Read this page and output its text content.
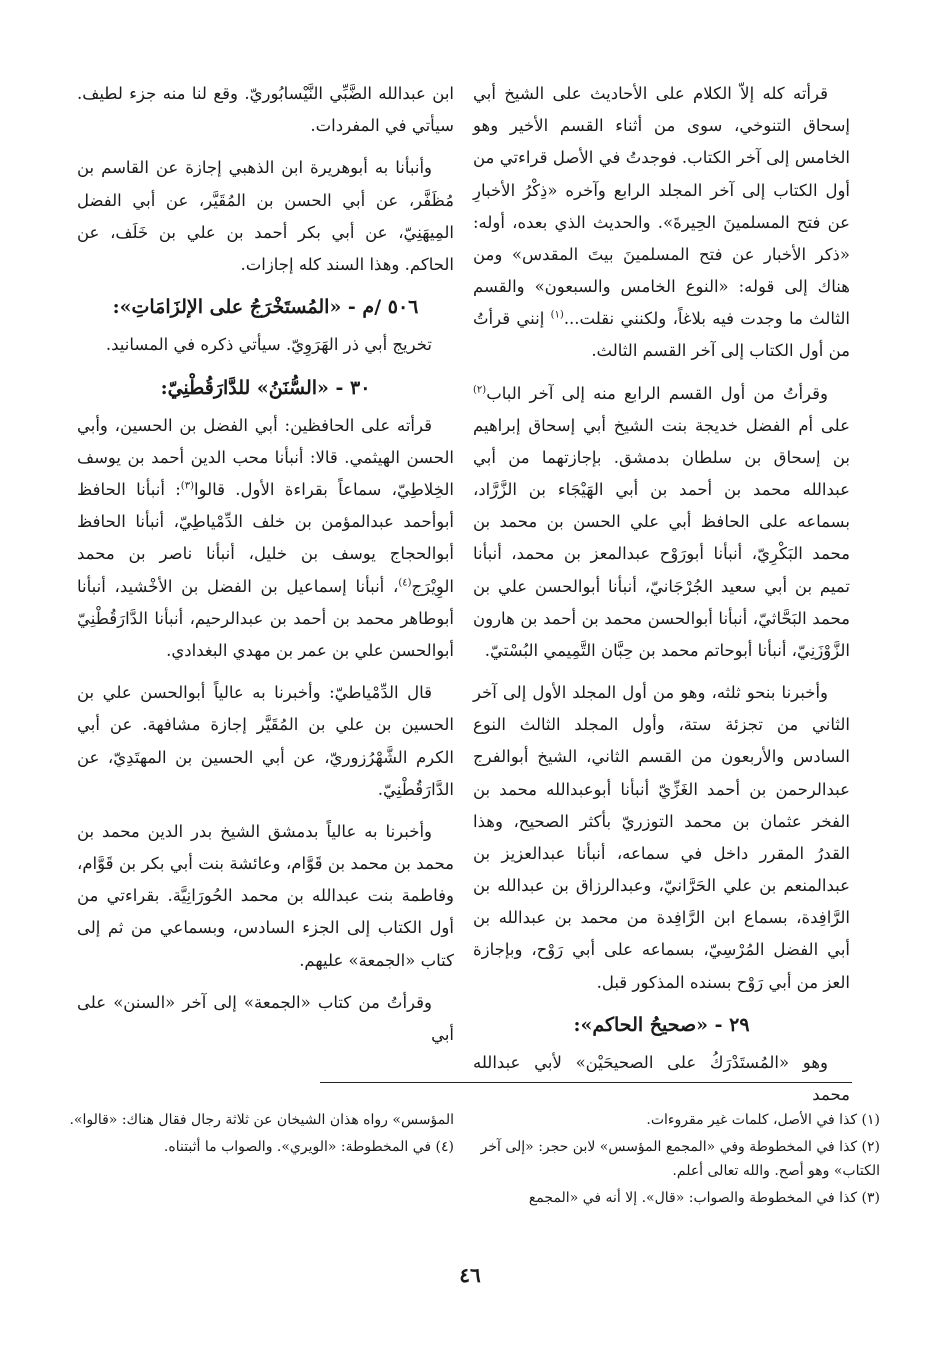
قرأته كله إلاّ الكلام على الأحاديث على الشيخ أبي إسحاق التنوخي، سوى من أثناء القسم الأخير وهو الخامس إلى آخر الكتاب. فوجدتُ في الأصل قراءتي من أول الكتاب إلى آخر المجلد الرابع وآخره «ذِكْرُ الأخبارِ عن فتح المسلمينَ الحِيرةَ». والحديث الذي بعده، أوله: «ذكر الأخبار عن فتح المسلمينَ بيتَ المقدس» ومن هناك إلى قوله: «النوع الخامس والسبعون» والقسم الثالث ما وجدت فيه بلاغاً، ولكنني نقلت...$^{(١)}$ إنني قرأتُ من أول الكتاب إلى آخر القسم الثالث.

وقرأتُ من أول القسم الرابع منه إلى آخر الباب$^{(٢)}$ على أم الفضل خديجة بنت الشيخ أبي إسحاق إبراهيم بن إسحاق بن سلطان بدمشق. بإجازتهما من أبي عبدالله محمد بن أحمد بن أبي الهَيْجَاء بن الزَّرَّاد، بسماعه على الحافظ أبي علي الحسن بن محمد بن محمد البَكْرِيّ، أنبأنا أبورَوْح عبدالمعز بن محمد، أنبأنا تميم بن أبي سعيد الجُرْجَانيّ، أنبأنا أبوالحسن علي بن محمد البَحَّاثيّ، أنبأنا أبوالحسن محمد بن أحمد بن هارون الزَّوْزَنِيّ، أنبأنا أبوحاتم محمد بن حِبَّان التَّمِيمي البُسْتيّ.

وأخبرنا بنحو ثلثه، وهو من أول المجلد الأول إلى آخر الثاني من تجزئة ستة، وأول المجلد الثالث النوع السادس والأربعون من القسم الثاني، الشيخ أبوالفرج عبدالرحمن بن أحمد الغَزِّيّ أنبأنا أبوعبدالله محمد بن الفخر عثمان بن محمد التوزريّ بأكثر الصحيح، وهذا القدرُ المقرر داخل في سماعه، أنبأنا عبدالعزيز بن عبدالمنعم بن علي الحَرَّانيّ، وعبدالرزاق بن عبدالله بن الرَّافِدة، بسماع ابن الرَّافِدة من محمد بن عبدالله بن أبي الفضل المُرْسِيّ، بسماعه على أبي رَوْح، وبإجازة العز من أبي رَوْح بسنده المذكور قبل.

٢٩ - «صحيحُ الحاكم»:

وهو «المُستَدْرَكُ على الصحيحَيْن» لأبي عبدالله محمد

ابن عبدالله الضَّبِّي النَّيْسابُوريّ. وقع لنا منه جزء لطيف. سيأتي في المفردات.

وأنبأنا به أبوهريرة ابن الذهبي إجازة عن القاسم بن مُظَفَّر، عن أبي الحسن بن المُقَيَّر، عن أبي الفضل المِيهَنِيّ، عن أبي بكر أحمد بن علي بن خَلَف، عن الحاكم. وهذا السند كله إجازات.

٥٠٦ /م - «المُستَخْرَجُ على الإلزَامَاتِ»:

تخريج أبي ذر الهَرَوِيّ. سيأتي ذكره في المسانيد.

٣٠ - «السُّنَنُ» للدَّارَقُطْنِيّ:

قرأته على الحافظين: أبي الفضل بن الحسين، وأبي الحسن الهيثمي. قالا: أنبأنا محب الدين أحمد بن يوسف الخِلاطِيّ، سماعاً بقراءة الأول. قالوا$^{(٣)}$: أنبأنا الحافظ أبوأحمد عبدالمؤمن بن خلف الدِّمْياطِيّ، أنبأنا الحافظ أبوالحجاج يوسف بن خليل، أنبأنا ناصر بن محمد الوِيْرَج$^{(٤)}$، أنبأنا إسماعيل بن الفضل بن الأخْشيد، أنبأنا أبوطاهر محمد بن أحمد بن عبدالرحيم، أنبأنا الدَّارَقُطْنِيّ أبوالحسن علي بن عمر بن مهدي البغدادي.

قال الدِّمْياطيّ: وأخبرنا به عالياً أبوالحسن علي بن الحسين بن علي بن المُقَيَّر إجازة مشافهة. عن أبي الكرم الشَّهْرُزوريّ، عن أبي الحسين بن المهتَدِيّ، عن الدَّارَقُطْنِيّ.

وأخبرنا به عالياً بدمشق الشيخ بدر الدين محمد بن محمد بن محمد بن قَوَّام، وعائشة بنت أبي بكر بن قَوَّام، وفاطمة بنت عبدالله بن محمد الحُورَانِيَّة. بقراءتي من أول الكتاب إلى الجزء السادس، وبسماعي من ثم إلى كتاب «الجمعة» عليهم.

وقرأتُ من كتاب «الجمعة» إلى آخر «السنن» على أبي

(١) كذا في الأصل، كلمات غير مقروءات.

(٢) كذا في المخطوطة وفي «المجمع المؤسس» لابن حجر: «إلى آخر الكتاب» وهو أصح. والله تعالى أعلم.

(٣) كذا في المخطوطة والصواب: «قال». إلا أنه في «المجمع

المؤسس» رواه هذان الشيخان عن ثلاثة رجال فقال هناك: «قالوا».

(٤) في المخطوطة: «الويري». والصواب ما أثبتناه.

٤٦
